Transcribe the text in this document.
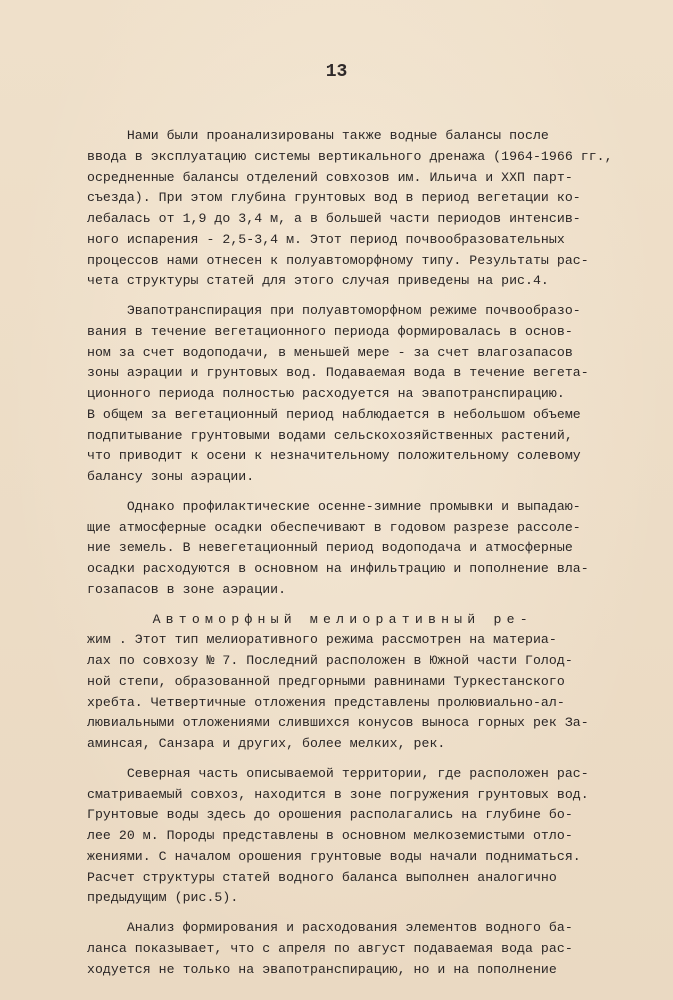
13

Нами были проанализированы также водные балансы после
ввода в эксплуатацию системы вертикального дренажа (1964-1966 гг.,
осредненные балансы отделений совхозов им. Ильича и ХХП парт-
съезда). При этом глубина грунтовых вод в период вегетации ко-
лебалась от 1,9 до 3,4 м, а в большей части периодов интенсив-
ного испарения - 2,5-3,4 м. Этот период почвообразовательных
процессов нами отнесен к полуавтоморфному типу. Результаты рас-
чета структуры статей для этого случая приведены на рис.4.

Эвапотранспирация при полуавтоморфном режиме почвообразо-
вания в течение вегетационного периода формировалась в основ-
ном за счет водоподачи, в меньшей мере - за счет влагозапасов
зоны аэрации и грунтовых вод. Подаваемая вода в течение вегета-
ционного периода полностью расходуется на эвапотранспирацию.
В общем за вегетационный период наблюдается в небольшом объеме
подпитывание грунтовыми водами сельскохозяйственных растений,
что приводит к осени к незначительному положительному солевому
балансу зоны аэрации.

Однако профилактические осенне-зимние промывки и выпадаю-
щие атмосферные осадки обеспечивают в годовом разрезе рассоле-
ние земель. В невегетационный период водоподача и атмосферные
осадки расходуются в основном на инфильтрацию и пополнение вла-
гозапасов в зоне аэрации.

Автоморфный мелиоративный ре-
жим . Этот тип мелиоративного режима рассмотрен на материа-
лах по совхозу № 7. Последний расположен в Южной части Голод-
ной степи, образованной предгорными равнинами Туркестанского
хребта. Четвертичные отложения представлены пролювиально-ал-
лювиальными отложениями слившихся конусов выноса горных рек За-
аминсая, Санзара и других, более мелких, рек.

Северная часть описываемой территории, где расположен рас-
сматриваемый совхоз, находится в зоне погружения грунтовых вод.
Грунтовые воды здесь до орошения располагались на глубине бо-
лее 20 м. Породы представлены в основном мелкоземистыми отло-
жениями. С началом орошения грунтовые воды начали подниматься.
Расчет структуры статей водного баланса выполнен аналогично
предыдущим (рис.5).

Анализ формирования и расходования элементов водного ба-
ланса показывает, что с апреля по август подаваемая вода рас-
ходуется не только на эвапотранспирацию, но и на пополнение
